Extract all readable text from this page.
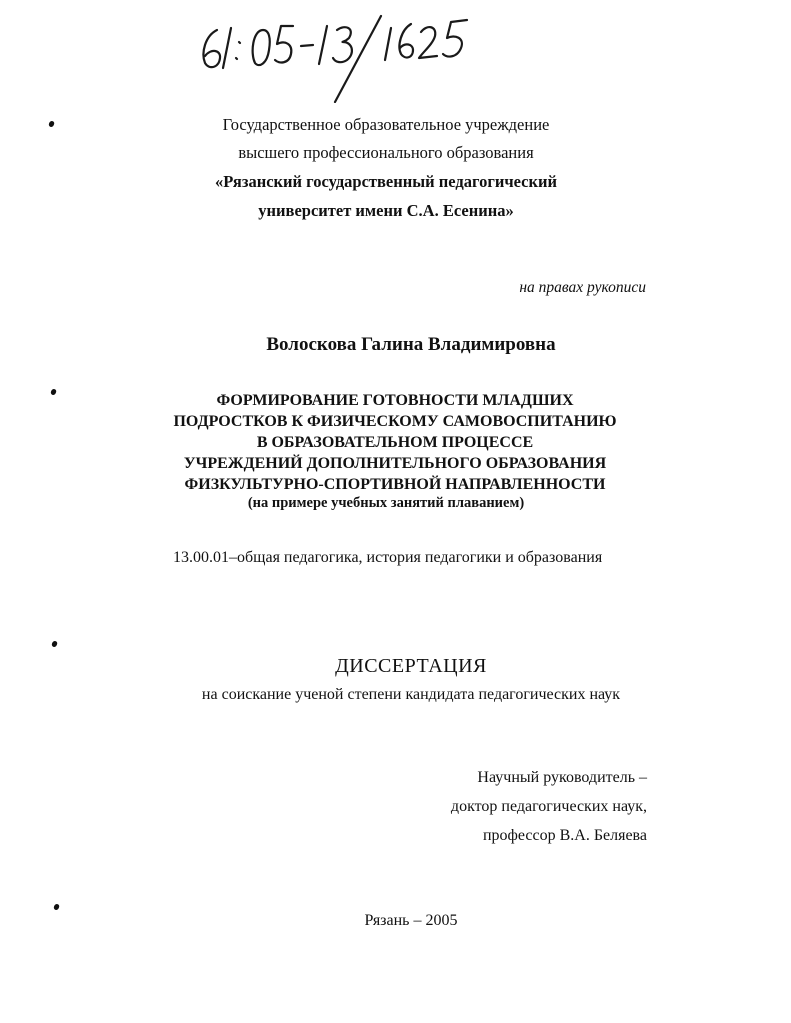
Государственное образовательное учреждение
высшего профессионального образования
«Рязанский государственный педагогический
университет имени С.А. Есенина»
на правах рукописи
Волоскова Галина Владимировна
ФОРМИРОВАНИЕ ГОТОВНОСТИ МЛАДШИХ
ПОДРОСТКОВ К ФИЗИЧЕСКОМУ САМОВОСПИТАНИЮ
В ОБРАЗОВАТЕЛЬНОМ ПРОЦЕССЕ
УЧРЕЖДЕНИЙ ДОПОЛНИТЕЛЬНОГО ОБРАЗОВАНИЯ
ФИЗКУЛЬТУРНО-СПОРТИВНОЙ НАПРАВЛЕННОСТИ
(на примере учебных занятий плаванием)
13.00.01–общая педагогика, история педагогики и образования
ДИССЕРТАЦИЯ
на соискание ученой степени кандидата педагогических наук
Научный руководитель –
доктор педагогических наук,
профессор В.А. Беляева
Рязань – 2005
